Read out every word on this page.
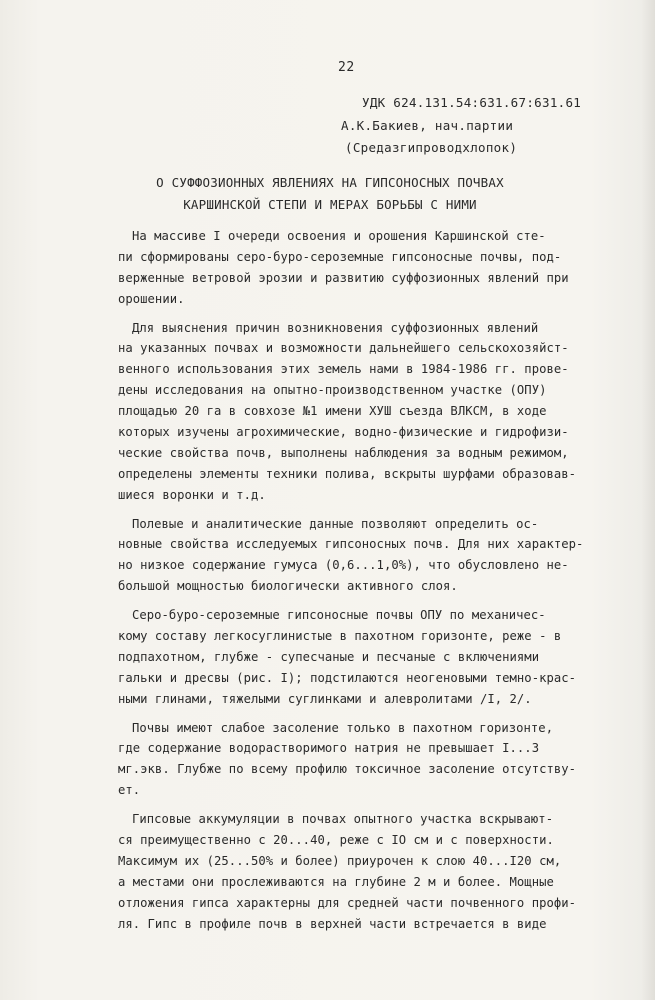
22
УДК 624.131.54:631.67:631.61
А.К.Бакиев, нач.партии
(Средазгипроводхлопок)
О СУФФОЗИОННЫХ ЯВЛЕНИЯХ НА ГИПСОНОСНЫХ ПОЧВАХ
КАРШИНСКОЙ СТЕПИ И МЕРАХ БОРЬБЫ С НИМИ
На массиве I очереди освоения и орошения Каршинской сте-
пи сформированы серо-буро-сероземные гипсоносные почвы, под-
верженные ветровой эрозии и развитию суффозионных явлений при
орошении.
Для выяснения причин возникновения суффозионных явлений
на указанных почвах и возможности дальнейшего сельскохозяйст-
венного использования этих земель нами в 1984-1986 гг. прове-
дены исследования на опытно-производственном участке (ОПУ)
площадью 20 га в совхозе №1 имени ХУШ съезда ВЛКСМ, в ходе
которых изучены агрохимические, водно-физические и гидрофизи-
ческие свойства почв, выполнены наблюдения за водным режимом,
определены элементы техники полива, вскрыты шурфами образовав-
шиеся воронки и т.д.
Полевые и аналитические данные позволяют определить ос-
новные свойства исследуемых гипсоносных почв. Для них характер-
но низкое содержание гумуса (0,6...1,0%), что обусловлено не-
большой мощностью биологически активного слоя.
Серо-буро-сероземные гипсоносные почвы ОПУ по механичес-
кому составу легкосуглинистые в пахотном горизонте, реже - в
подпахотном, глубже - супесчаные и песчаные с включениями
гальки и дресвы (рис. I); подстилаются неогеновыми темно-крас-
ными глинами, тяжелыми суглинками и алевролитами /I, 2/.
Почвы имеют слабое засоление только в пахотном горизонте,
где содержание водорастворимого натрия не превышает I...3
мг.экв. Глубже по всему профилю токсичное засоление отсутству-
ет.
Гипсовые аккумуляции в почвах опытного участка вскрывают-
ся преимущественно с 20...40, реже с IO см и с поверхности.
Максимум их (25...50% и более) приурочен к слою 40...I20 см,
а местами они прослеживаются на глубине 2 м и более. Мощные
отложения гипса характерны для средней части почвенного профи-
ля. Гипс в профиле почв в верхней части встречается в виде
